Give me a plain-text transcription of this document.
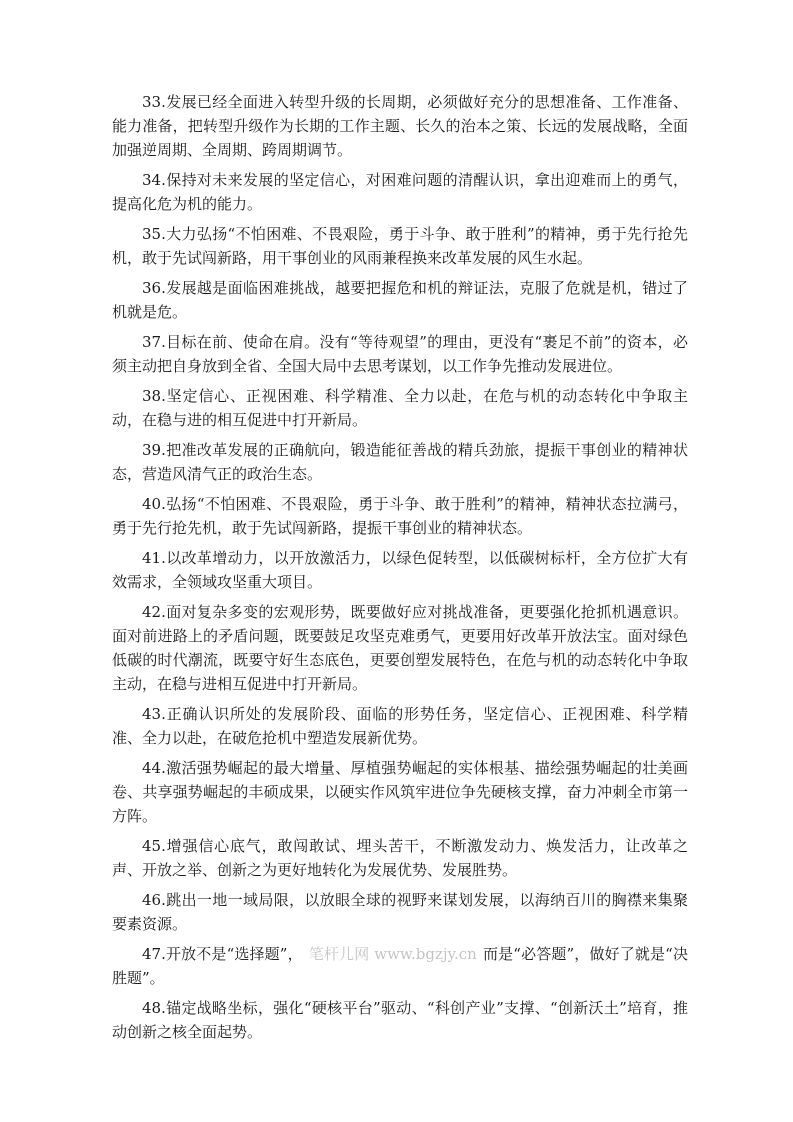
33.发展已经全面进入转型升级的长周期，必须做好充分的思想准备、工作准备、能力准备，把转型升级作为长期的工作主题、长久的治本之策、长远的发展战略，全面加强逆周期、全周期、跨周期调节。

34.保持对未来发展的坚定信心，对困难问题的清醒认识，拿出迎难而上的勇气，提高化危为机的能力。

35.大力弘扬“不怕困难、不畏艰险，勇于斗争、敢于胜利”的精神，勇于先行抢先机，敢于先试闯新路，用干事创业的风雨兼程换来改革发展的风生水起。

36.发展越是面临困难挑战，越要把握危和机的辩证法，克服了危就是机，错过了机就是危。

37.目标在前、使命在肩。没有“等待观望”的理由，更没有“裹足不前”的资本，必须主动把自身放到全省、全国大局中去思考谋划，以工作争先推动发展进位。

38.坚定信心、正视困难、科学精准、全力以赴，在危与机的动态转化中争取主动，在稳与进的相互促进中打开新局。

39.把准改革发展的正确航向，锻造能征善战的精兵劲旅，提振干事创业的精神状态，营造风清气正的政治生态。

40.弘扬“不怕困难、不畏艰险，勇于斗争、敢于胜利”的精神，精神状态拉满弓，勇于先行抢先机，敢于先试闯新路，提振干事创业的精神状态。

41.以改革增动力，以开放激活力，以绿色促转型，以低碳树标杆，全方位扩大有效需求，全领域攻坚重大项目。

42.面对复杂多变的宏观形势，既要做好应对挑战准备，更要强化抢抓机遇意识。面对前进路上的矛盾问题，既要鼓足攻坚克难勇气，更要用好改革开放法宝。面对绿色低碳的时代潮流，既要守好生态底色，更要创塑发展特色，在危与机的动态转化中争取主动，在稳与进相互促进中打开新局。

43.正确认识所处的发展阶段、面临的形势任务，坚定信心、正视困难、科学精准、全力以赴，在破危抢机中塑造发展新优势。

44.激活强势崛起的最大增量、厚植强势崛起的实体根基、描绘强势崛起的壮美画卷、共享强势崛起的丰硕成果，以硬实作风筑牢进位争先硬核支撑，奋力冲刺全市第一方阵。

45.增强信心底气，敢闯敢试、埋头苦干，不断激发动力、焕发活力，让改革之声、开放之举、创新之为更好地转化为发展优势、发展胜势。

46.跳出一地一域局限，以放眼全球的视野来谋划发展，以海纳百川的胸襟来集聚要素资源。

47.开放不是“选择题”， 笔杆儿网 www.bgzjy.cn 而是“必答题”，做好了就是“决胜题”。

48.锚定战略坐标，强化“硬核平台”驱动、“科创产业”支撑、“创新沃土”培育，推动创新之核全面起势。
